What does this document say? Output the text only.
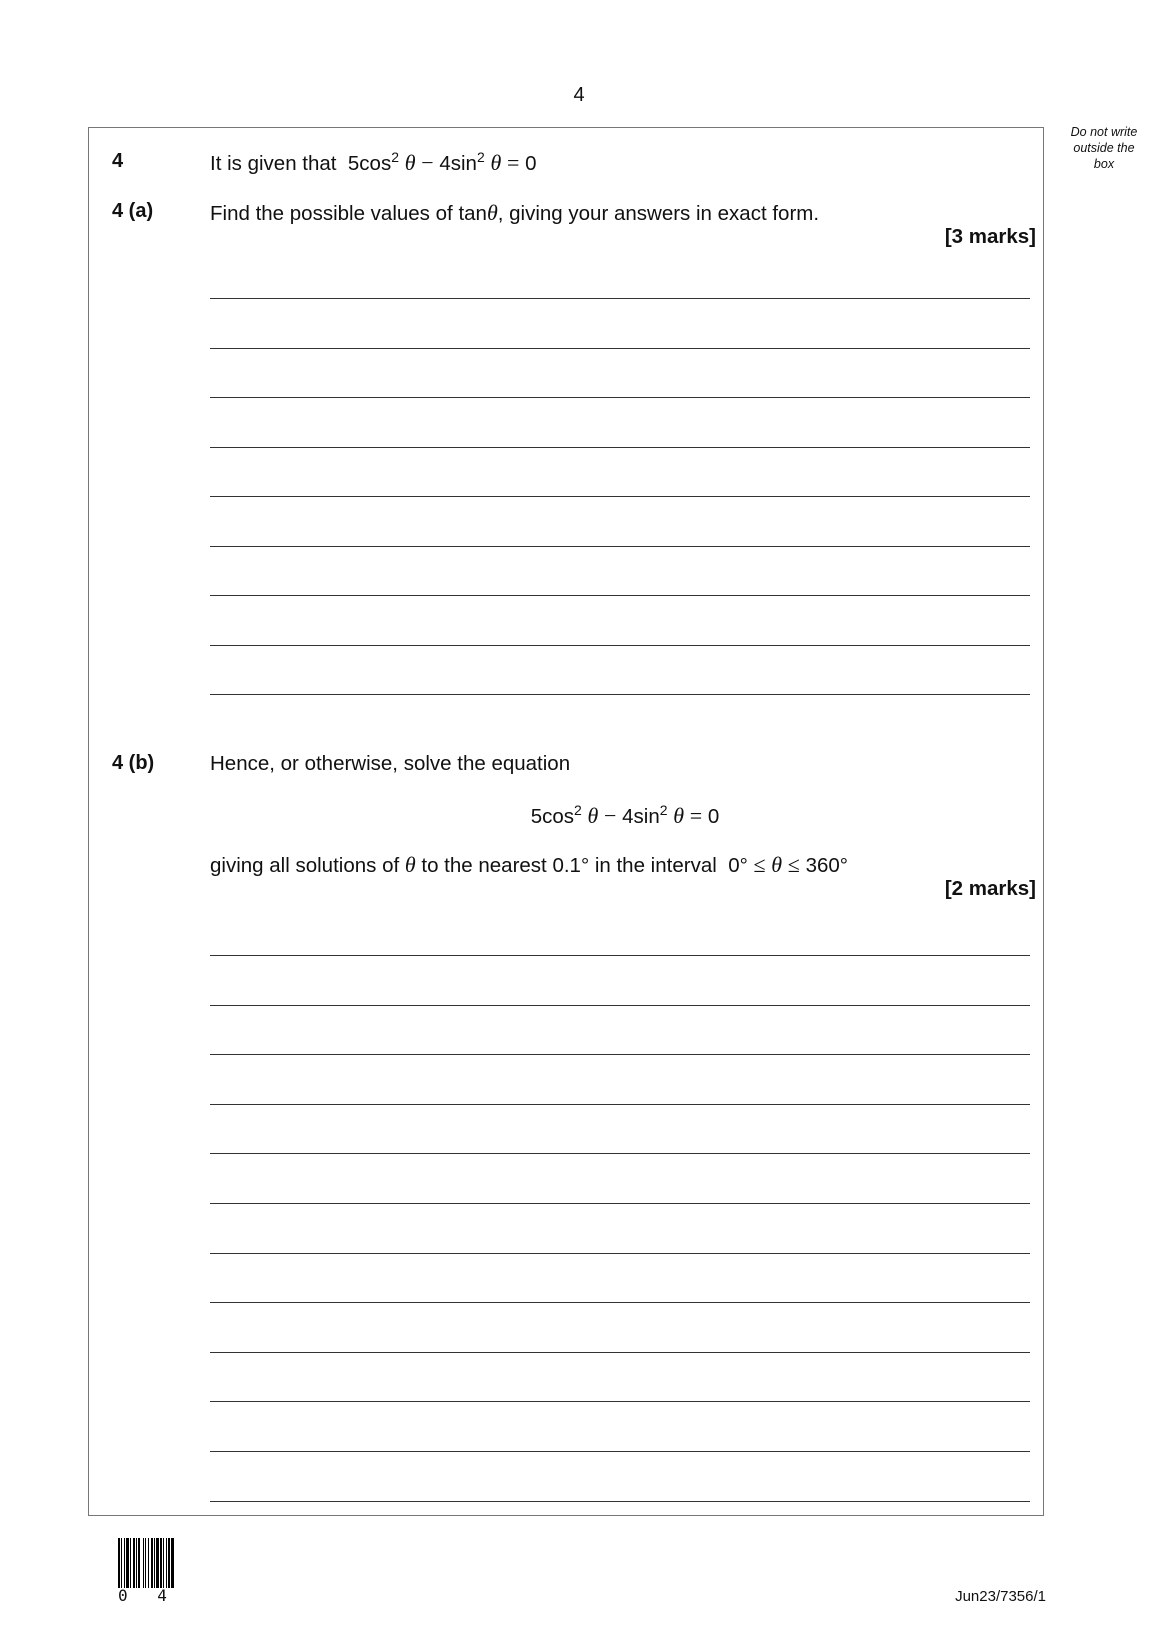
4
Do not write
outside the
box
4	It is given that $5\cos^2$ $\theta - 4\sin^2$ θ = 0
4 (a)	Find the possible values of tanθ, giving your answers in exact form.
[3 marks]
4 (b)	Hence, or otherwise, solve the equation
$5\cos^2$ $\theta - 4\sin^2$ θ = 0
giving all solutions of θ to the nearest 0.1° in the interval 0° ≤ θ ≤ 360°
[2 marks]
0 4	Jun23/7356/1
